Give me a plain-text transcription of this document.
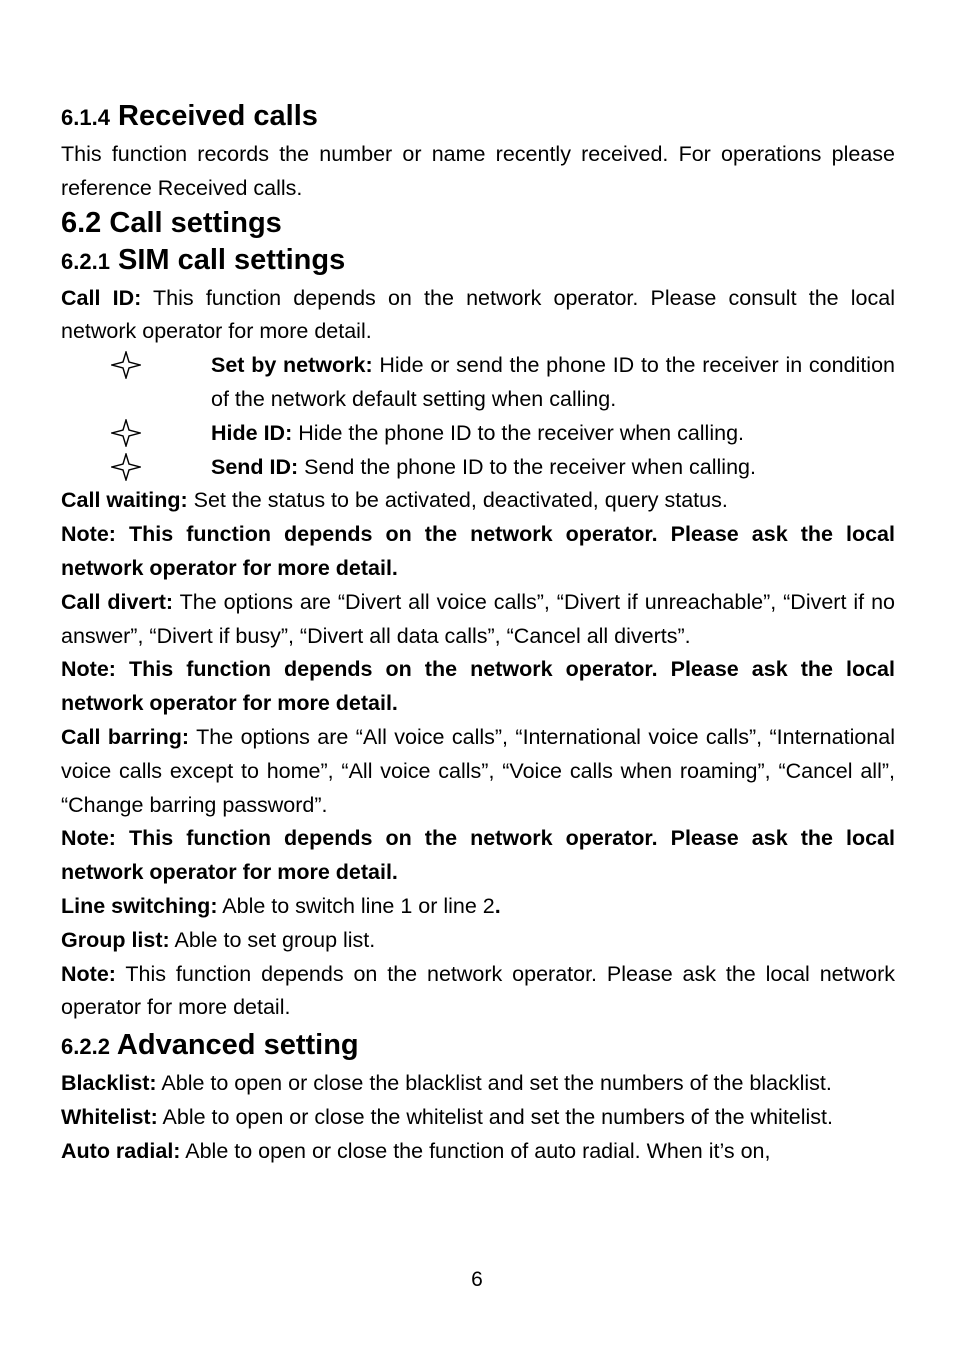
6.1.4 Received calls

This function records the number or name recently received. For operations please reference Received calls.

6.2 Call settings
6.2.1 SIM call settings

Call ID: This function depends on the network operator. Please consult the local network operator for more detail.

Set by network: Hide or send the phone ID to the receiver in condition of the network default setting when calling.
Hide ID: Hide the phone ID to the receiver when calling.
Send ID: Send the phone ID to the receiver when calling.

Call waiting: Set the status to be activated, deactivated, query status.

Note: This function depends on the network operator. Please ask the local network operator for more detail.

Call divert: The options are “Divert all voice calls”, “Divert if unreachable”, “Divert if no answer”, “Divert if busy”, “Divert all data calls”, “Cancel all diverts”.

Note: This function depends on the network operator. Please ask the local network operator for more detail.

Call barring: The options are “All voice calls”, “International voice calls”, “International voice calls except to home”, “All voice calls”, “Voice calls when roaming”, “Cancel all”, “Change barring password”.

Note: This function depends on the network operator. Please ask the local network operator for more detail.

Line switching: Able to switch line 1 or line 2.

Group list: Able to set group list.

Note: This function depends on the network operator. Please ask the local network operator for more detail.

6.2.2 Advanced setting

Blacklist: Able to open or close the blacklist and set the numbers of the blacklist.

Whitelist: Able to open or close the whitelist and set the numbers of the whitelist.

Auto radial: Able to open or close the function of auto radial. When it’s on,

6
